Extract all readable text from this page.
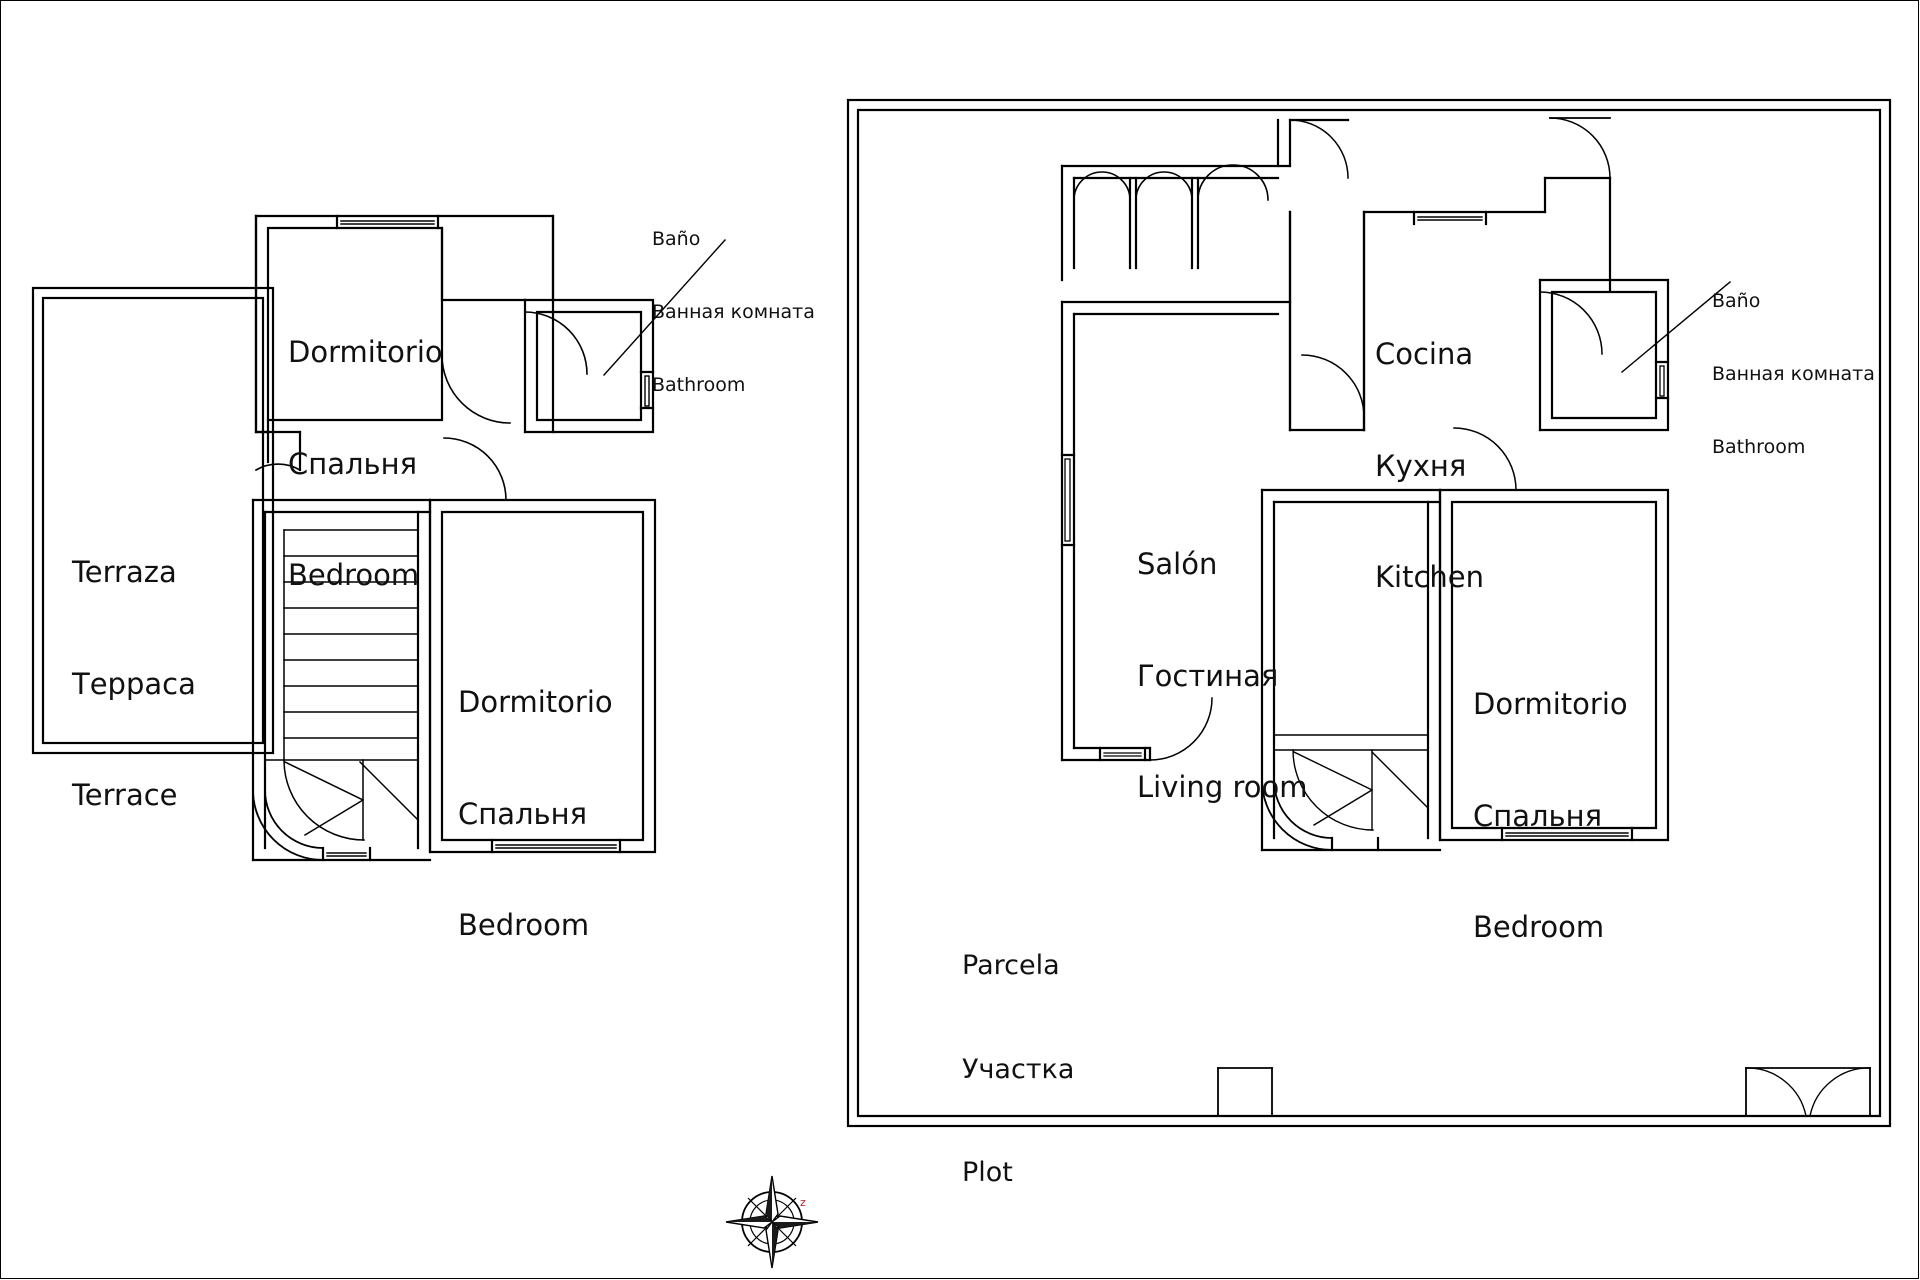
z

Dormitorio

Спальня

Bedroom

Terraza

Терраса

Terrace

Dormitorio

Спальня

Bedroom

Baño

Ванная комната

Bathroom

Baño

Ванная комната

Bathroom

Cocina

Кухня

Kitchen

Salón

Гостиная

Living room

Dormitorio

Спальня

Bedroom

Parcela

Участка

Plot
